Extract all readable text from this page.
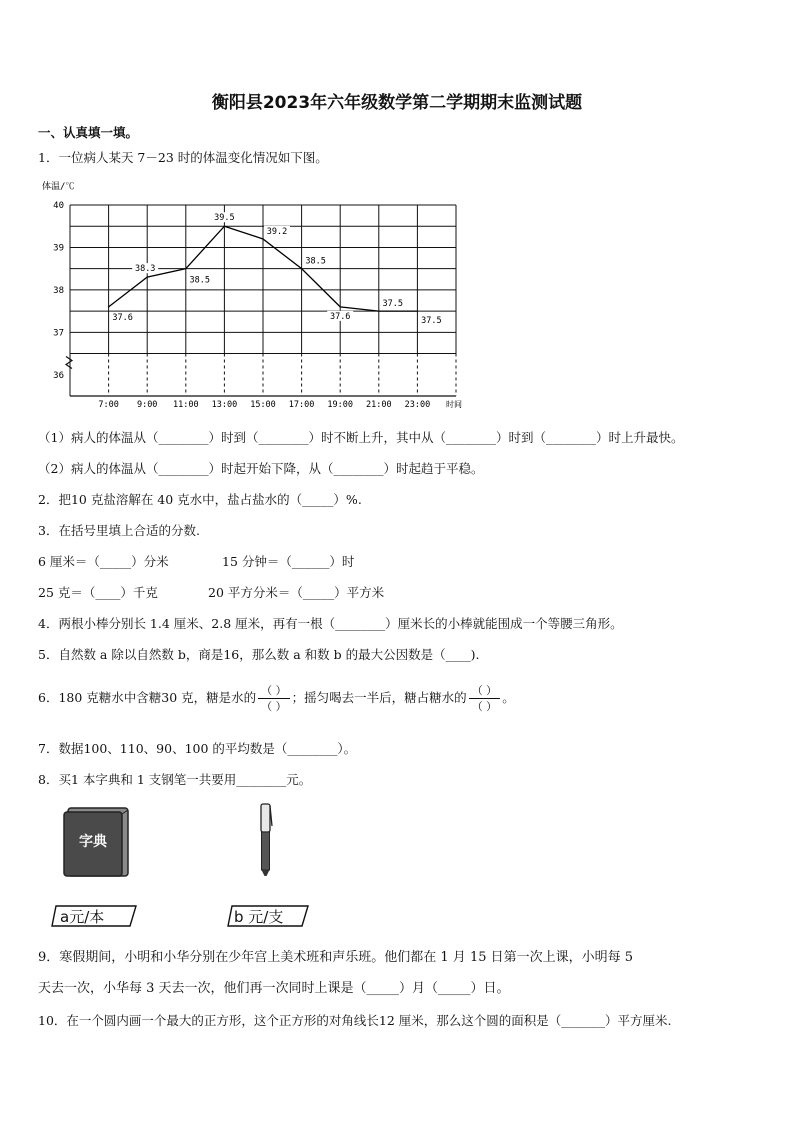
衡阳县2023年六年级数学第二学期期末监测试题
一、认真填一填。
1．一位病人某天 7－23 时的体温变化情况如下图。
体温/℃
40
39
38
37
36
7:00 9:00 11:00 13:00 15:00 17:00 19:00 21:00 23:00
37.6
38.3
38.5
39.5
39.2
38.5
37.6
37.5
37.5
时间
（1）病人的体温从（________）时到（________）时不断上升，其中从（________）时到（________）时上升最快。
（2）病人的体温从（________）时起开始下降，从（________）时起趋于平稳。
2．把10 克盐溶解在 40 克水中，盐占盐水的（_____）%.
3．在括号里填上合适的分数.
6 厘米＝（_____）分米	15 分钟＝（______）时
25 克＝（____）千克	20 平方分米＝（_____）平方米
4．两根小棒分别长 1.4 厘米、2.8 厘米，再有一根（________）厘米长的小棒就能围成一个等腰三角形。
5．自然数 a 除以自然数 b，商是16，那么数 a 和数 b 的最大公因数是（____).
6．180 克糖水中含糖30 克，糖是水的 $\frac{( )}{( )}$ ；摇匀喝去一半后，糖占糖水的 $\frac{( )}{( )}$ 。
7．数据100、110、90、100 的平均数是（________）。
8．买1 本字典和 1 支钢笔一共要用________元。
字典
a元/本	b 元/支
9．寒假期间，小明和小华分别在少年宫上美术班和声乐班。他们都在 1 月 15 日第一次上课，小明每 5
天去一次，小华每 3 天去一次，他们再一次同时上课是（_____）月（_____）日。
10．在一个圆内画一个最大的正方形，这个正方形的对角线长12 厘米，那么这个圆的面积是（_______）平方厘米.
